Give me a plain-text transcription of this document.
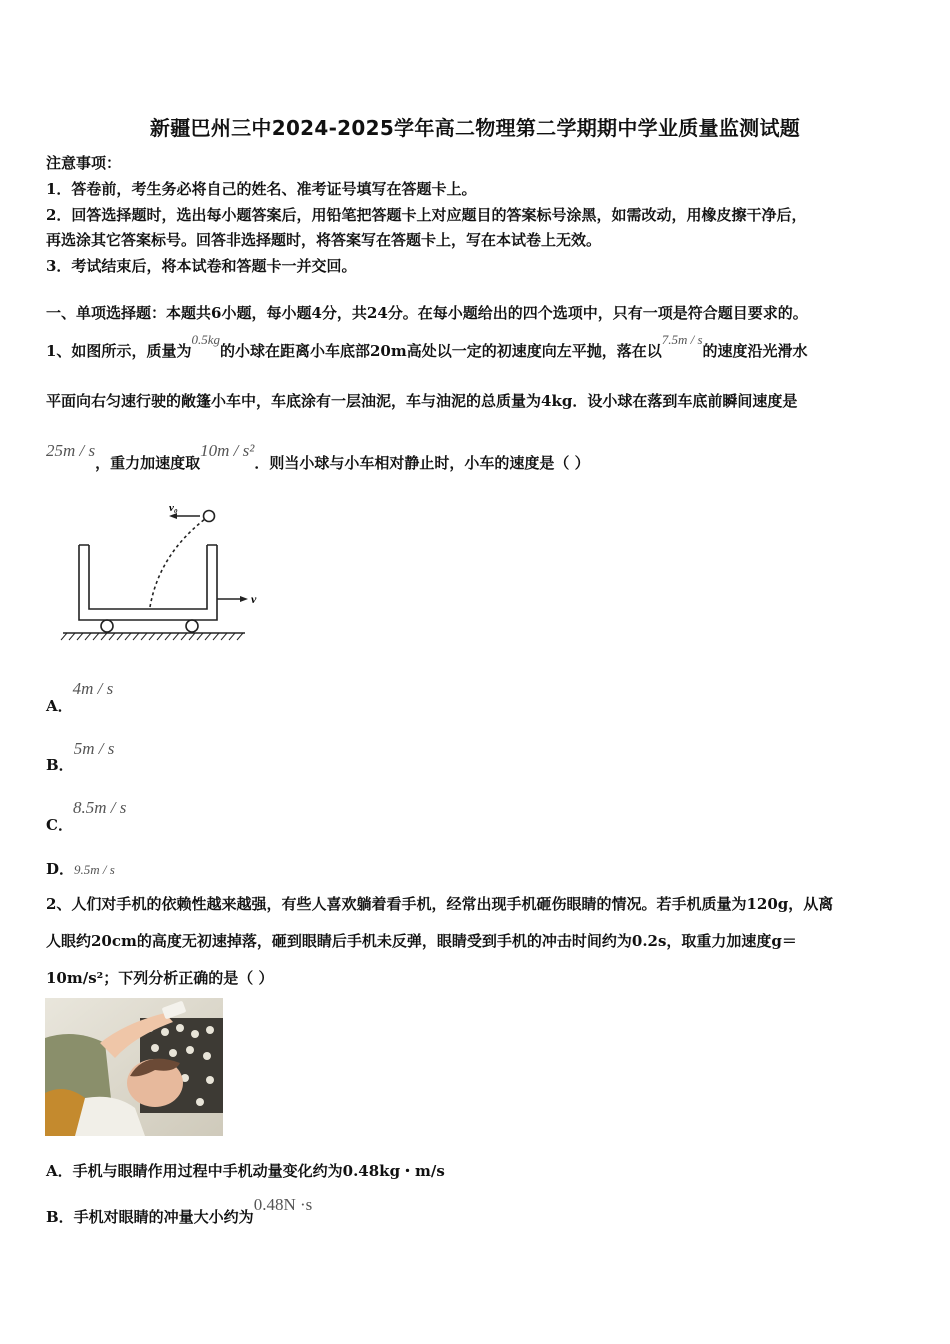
新疆巴州三中2024-2025学年高二物理第二学期期中学业质量监测试题
注意事项：
1．答卷前，考生务必将自己的姓名、准考证号填写在答题卡上。
2．回答选择题时，选出每小题答案后，用铅笔把答题卡上对应题目的答案标号涂黑，如需改动，用橡皮擦干净后，
再选涂其它答案标号。回答非选择题时，将答案写在答题卡上，写在本试卷上无效。
3．考试结束后，将本试卷和答题卡一并交回。
一、单项选择题：本题共6小题，每小题4分，共24分。在每小题给出的四个选项中，只有一项是符合题目要求的。
1、如图所示，质量为0.5kg的小球在距离小车底部20m高处以一定的初速度向左平抛，落在以7.5m / s的速度沿光滑水
平面向右匀速行驶的敞篷小车中，车底涂有一层油泥，车与油泥的总质量为4kg．设小球在落到车底前瞬间速度是
25m / s，重力加速度取10m / s²．则当小球与小车相对静止时，小车的速度是（ ）
v₀
v
A．4m / s
B．5m / s
C．8.5m / s
D．9.5m / s
2、人们对手机的依赖性越来越强，有些人喜欢躺着看手机，经常出现手机砸伤眼睛的情况。若手机质量为120g，从离
人眼约20cm的高度无初速掉落，砸到眼睛后手机未反弹，眼睛受到手机的冲击时间约为0.2s，取重力加速度g＝
10m/s²；下列分析正确的是（ ）
A．手机与眼睛作用过程中手机动量变化约为0.48kg・m/s
B．手机对眼睛的冲量大小约为0.48N ·s
